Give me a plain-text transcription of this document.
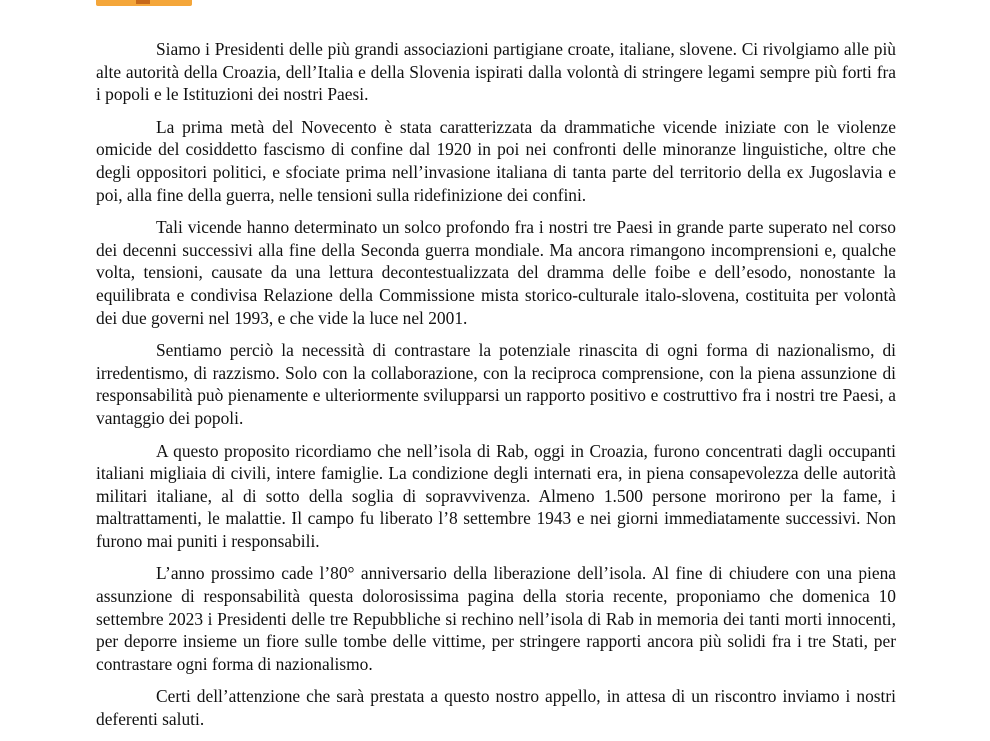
Siamo i Presidenti delle più grandi associazioni partigiane croate, italiane, slovene. Ci rivolgiamo alle più alte autorità della Croazia, dell’Italia e della Slovenia ispirati dalla volontà di stringere legami sempre più forti fra i popoli e le Istituzioni dei nostri Paesi.

La prima metà del Novecento è stata caratterizzata da drammatiche vicende iniziate con le violenze omicide del cosiddetto fascismo di confine dal 1920 in poi nei confronti delle minoranze linguistiche, oltre che degli oppositori politici, e sfociate prima nell’invasione italiana di tanta parte del territorio della ex Jugoslavia e poi, alla fine della guerra, nelle tensioni sulla ridefinizione dei confini.

Tali vicende hanno determinato un solco profondo fra i nostri tre Paesi in grande parte superato nel corso dei decenni successivi alla fine della Seconda guerra mondiale. Ma ancora rimangono incomprensioni e, qualche volta, tensioni, causate da una lettura decontestualizzata del dramma delle foibe e dell’esodo, nonostante la equilibrata e condivisa Relazione della Commissione mista storico-culturale italo-slovena, costituita per volontà dei due governi nel 1993, e che vide la luce nel 2001.

Sentiamo perciò la necessità di contrastare la potenziale rinascita di ogni forma di nazionalismo, di irredentismo, di razzismo. Solo con la collaborazione, con la reciproca comprensione, con la piena assunzione di responsabilità può pienamente e ulteriormente svilupparsi un rapporto positivo e costruttivo fra i nostri tre Paesi, a vantaggio dei popoli.

A questo proposito ricordiamo che nell’isola di Rab, oggi in Croazia, furono concentrati dagli occupanti italiani migliaia di civili, intere famiglie. La condizione degli internati era, in piena consapevolezza delle autorità militari italiane, al di sotto della soglia di sopravvivenza. Almeno 1.500 persone morirono per la fame, i maltrattamenti, le malattie. Il campo fu liberato l’8 settembre 1943 e nei giorni immediatamente successivi. Non furono mai puniti i responsabili.

L’anno prossimo cade l’80° anniversario della liberazione dell’isola. Al fine di chiudere con una piena assunzione di responsabilità questa dolorosissima pagina della storia recente, proponiamo che domenica 10 settembre 2023 i Presidenti delle tre Repubbliche si rechino nell’isola di Rab in memoria dei tanti morti innocenti, per deporre insieme un fiore sulle tombe delle vittime, per stringere rapporti ancora più solidi fra i tre Stati, per contrastare ogni forma di nazionalismo.

Certi dell’attenzione che sarà prestata a questo nostro appello, in attesa di un riscontro inviamo i nostri deferenti saluti.
